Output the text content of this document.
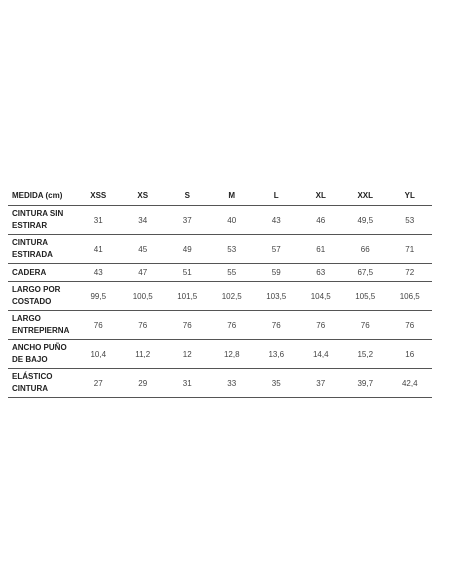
MEDIDA (cm)	XSS	XS	S	M	L	XL	XXL	YL
CINTURA SIN ESTIRAR	31	34	37	40	43	46	49,5	53
CINTURA ESTIRADA	41	45	49	53	57	61	66	71
CADERA	43	47	51	55	59	63	67,5	72
LARGO POR COSTADO	99,5	100,5	101,5	102,5	103,5	104,5	105,5	106,5
LARGO ENTREPIERNA	76	76	76	76	76	76	76	76
ANCHO PUÑO DE BAJO	10,4	11,2	12	12,8	13,6	14,4	15,2	16
ELÁSTICO CINTURA	27	29	31	33	35	37	39,7	42,4
